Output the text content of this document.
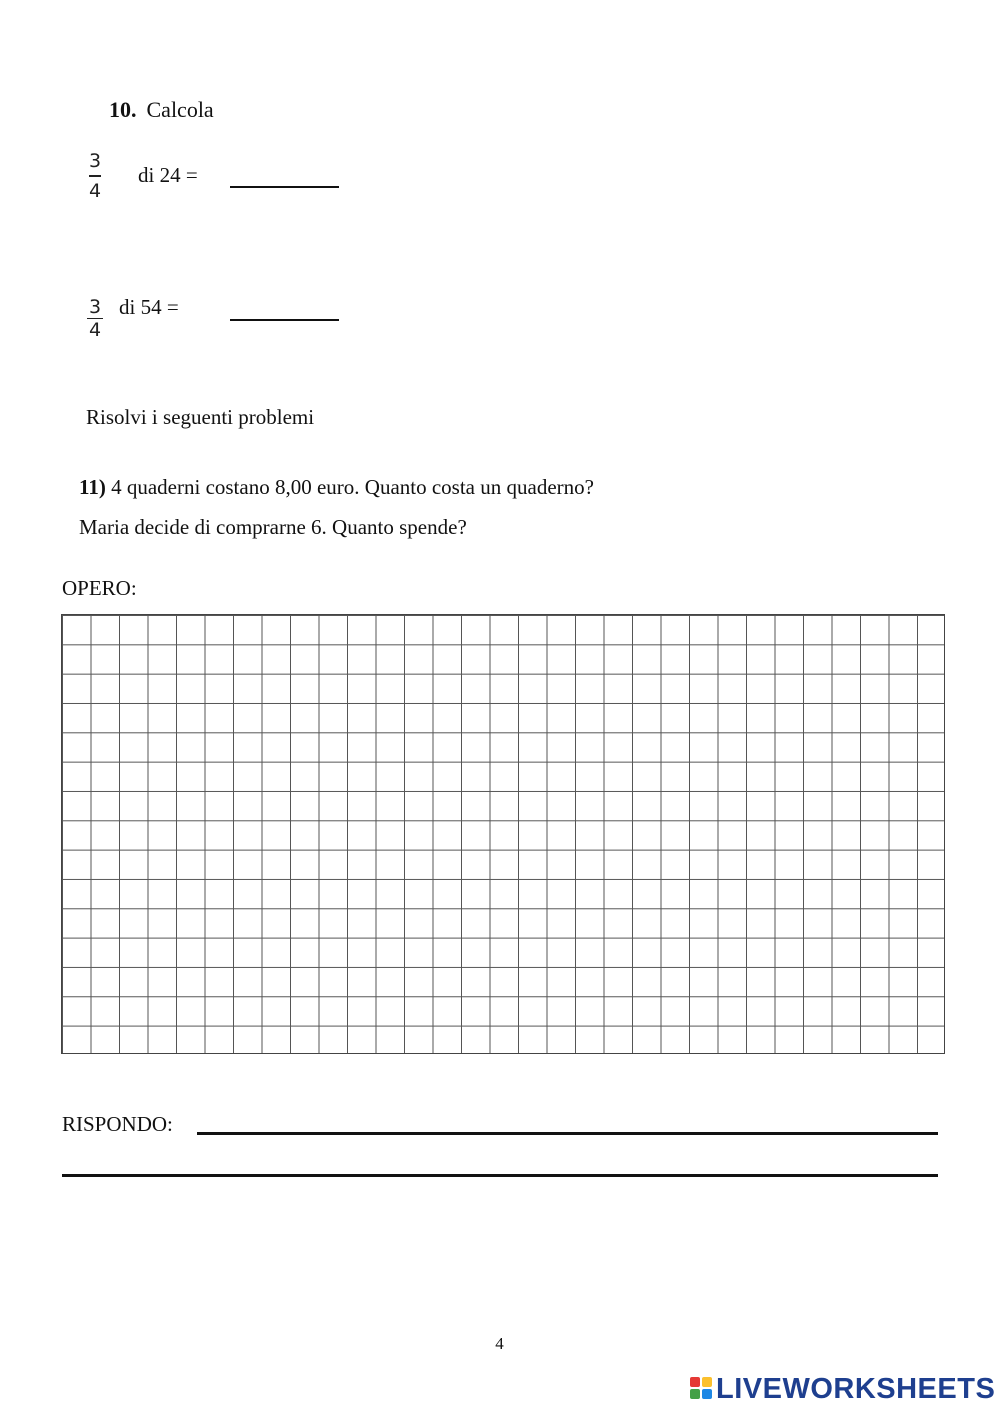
10. Calcola
3
4
di 24 =
$\frac{3}{4}$ di 54 =
Risolvi i seguenti problemi
11) 4 quaderni costano 8,00 euro. Quanto costa un quaderno?
Maria decide di comprarne 6. Quanto spende?
OPERO:
RISPONDO:
4
LIVEWORKSHEETS
